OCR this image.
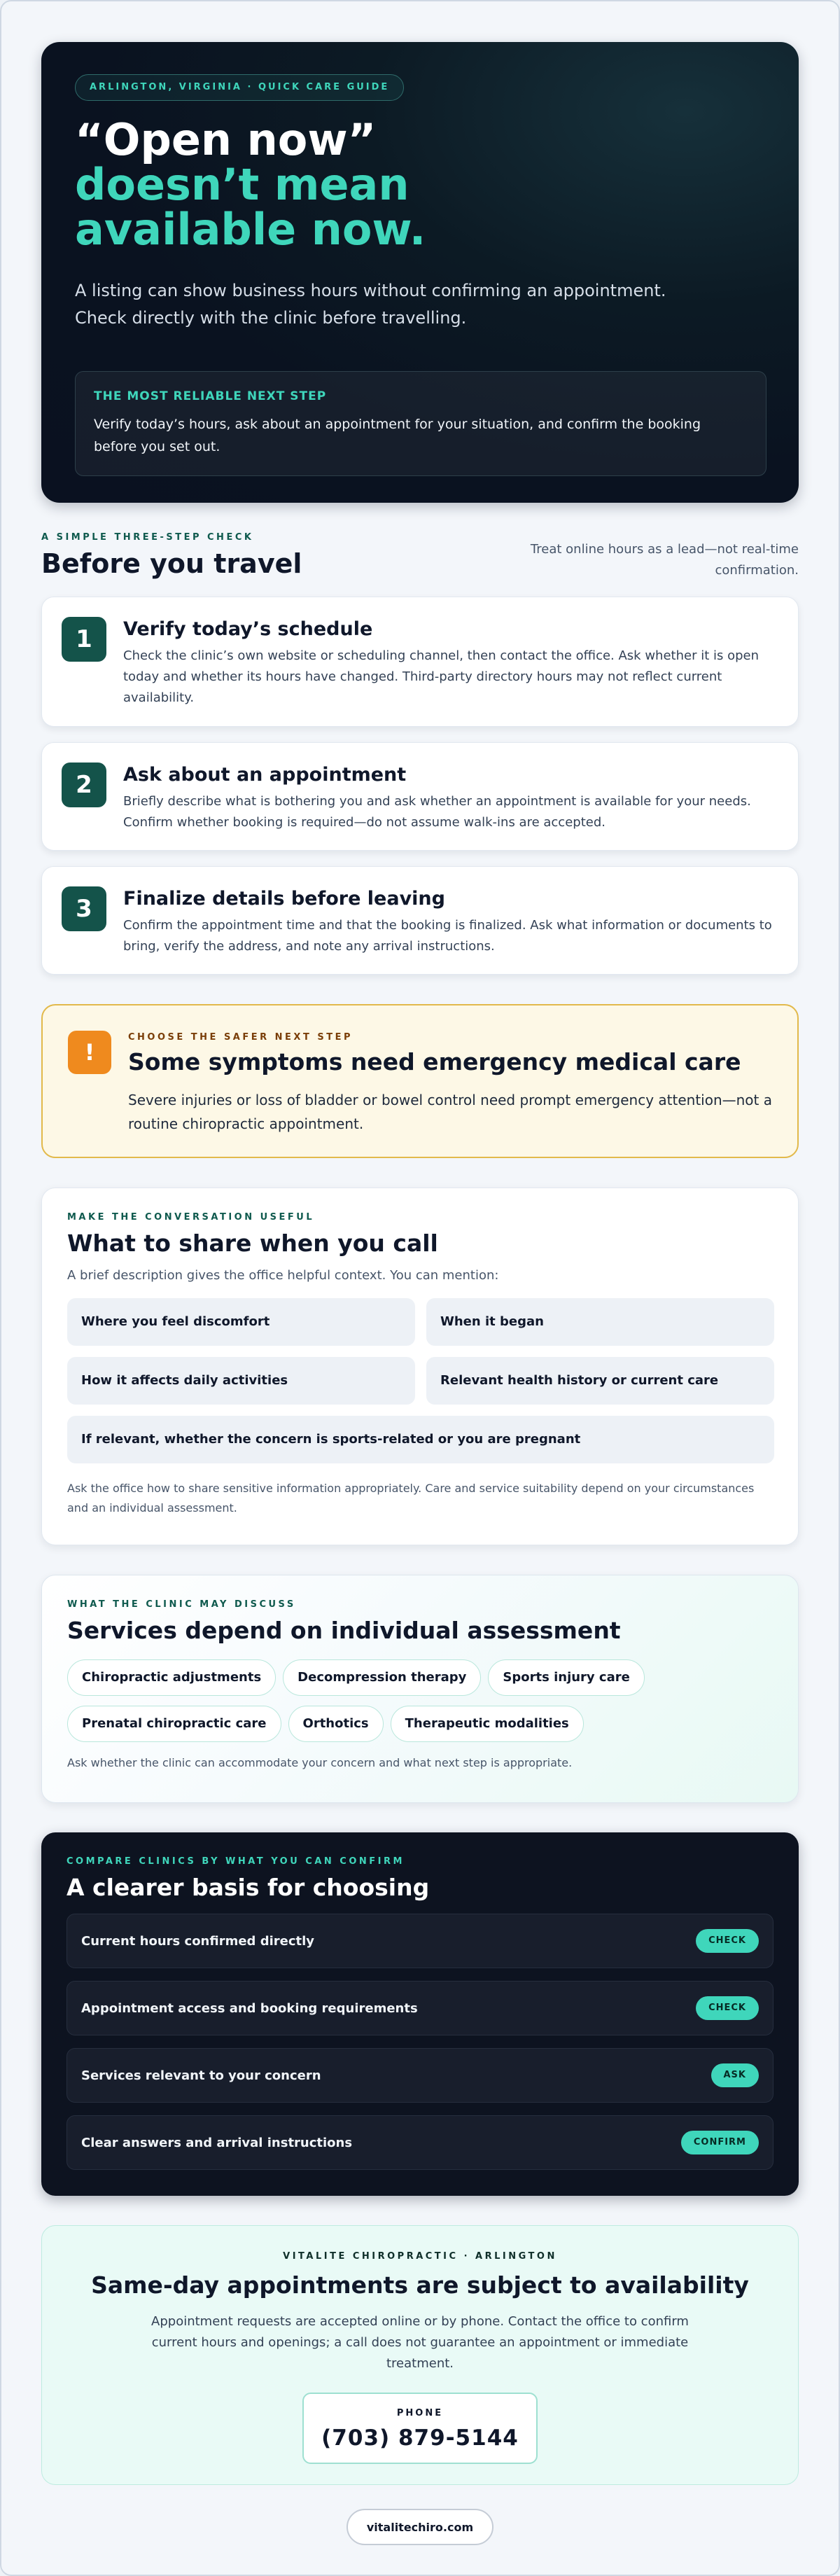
ARLINGTON, VIRGINIA · QUICK CARE GUIDE
“Open now”
doesn’t mean available now.

A listing can show business hours without confirming an appointment. Check directly with the clinic before travelling.

THE MOST RELIABLE NEXT STEP
Verify today’s hours, ask about an appointment for your situation, and confirm the booking before you set out.
A SIMPLE THREE-STEP CHECK
Before you travel	Treat online hours as a lead—not real-time confirmation.
1	Verify today’s schedule

Check the clinic’s own website or scheduling channel, then contact the office. Ask whether it is open today and whether its hours have changed. Third-party directory hours may not reflect current availability.

2	Ask about an appointment

Briefly describe what is bothering you and ask whether an appointment is available for your needs. Confirm whether booking is required—do not assume walk-ins are accepted.

3	Finalize details before leaving

Confirm the appointment time and that the booking is finalized. Ask what information or documents to bring, verify the address, and note any arrival instructions.

!
CHOOSE THE SAFER NEXT STEP
Some symptoms need emergency medical care

Severe injuries or loss of bladder or bowel control need prompt emergency attention—not a routine chiropractic appointment.

MAKE THE CONVERSATION USEFUL
What to share when you call
A brief description gives the office helpful context. You can mention:
Where you feel discomfort	When it began
How it affects daily activities	Relevant health history or current care
If relevant, whether the concern is sports-related or you are pregnant

Ask the office how to share sensitive information appropriately. Care and service suitability depend on your circumstances and an individual assessment.

WHAT THE CLINIC MAY DISCUSS
Services depend on individual assessment
Chiropractic adjustments	Decompression therapy	Sports injury care
Prenatal chiropractic care	Orthotics	Therapeutic modalities
Ask whether the clinic can accommodate your concern and what next step is appropriate.
COMPARE CLINICS BY WHAT YOU CAN CONFIRM
A clearer basis for choosing
Current hours confirmed directly	CHECK
Appointment access and booking requirements	CHECK
Services relevant to your concern	ASK
Clear answers and arrival instructions	CONFIRM
VITALITE CHIROPRACTIC · ARLINGTON
Same-day appointments are subject to availability

Appointment requests are accepted online or by phone. Contact the office to confirm current hours and openings; a call does not guarantee an appointment or immediate treatment.

PHONE
(703) 879-5144
vitalitechiro.com
